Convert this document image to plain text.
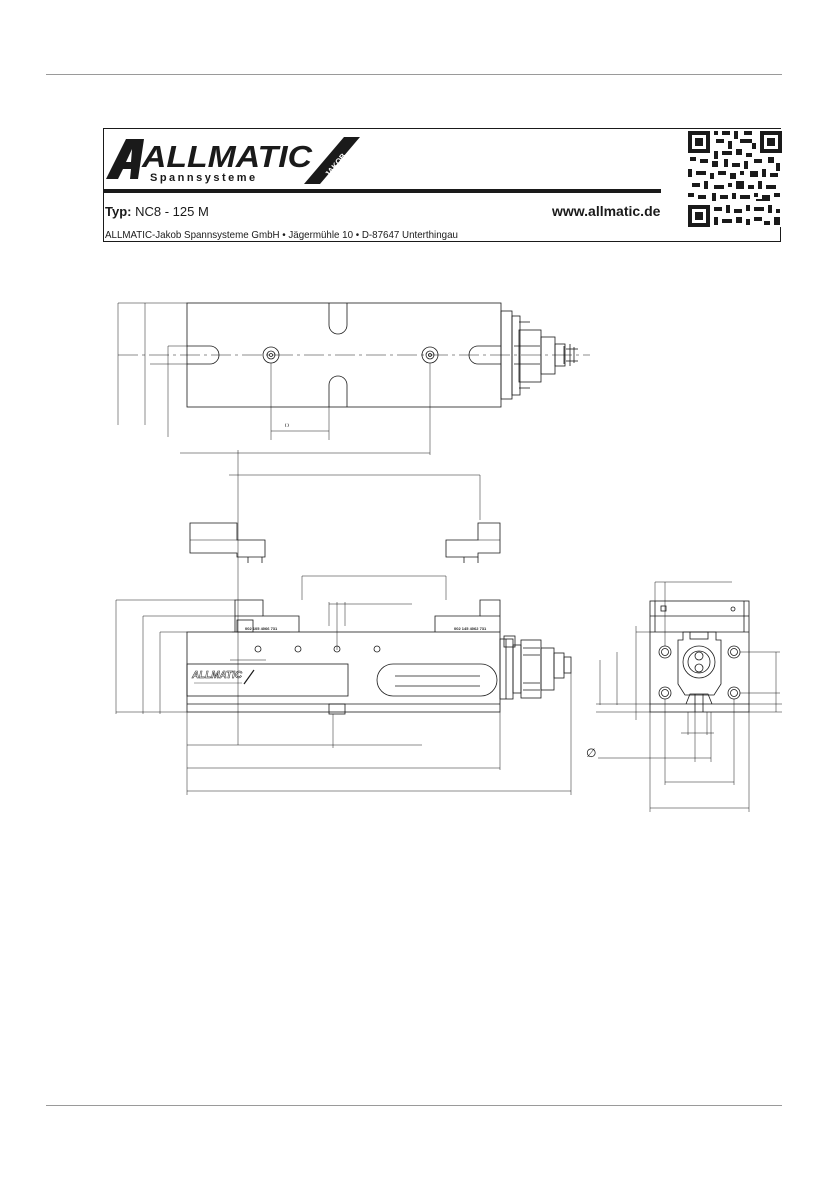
ALLMATIC
Spannsysteme	JAKOB
Typ: NC8 - 125 M	www.allmatic.de
ALLMATIC-Jakob Spannsysteme GmbH • Jägermühle 10 • D-87647 Unterthingau
( )
ALLMATIC
002 105 4066 731	002 145 4062 731
∅
